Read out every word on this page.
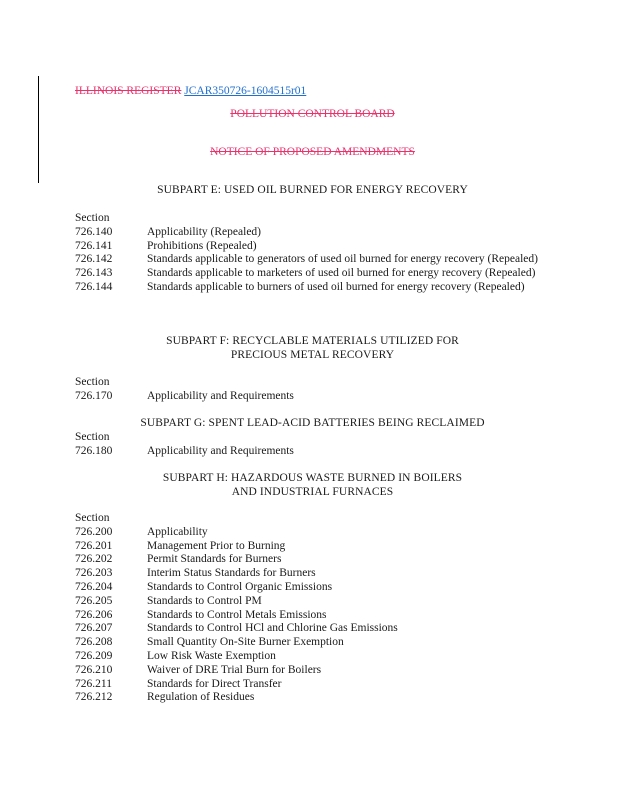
ILLINOIS REGISTER JCAR350726-1604515r01
POLLUTION CONTROL BOARD
NOTICE OF PROPOSED AMENDMENTS
SUBPART E: USED OIL BURNED FOR ENERGY RECOVERY
Section
726.140	Applicability (Repealed)
726.141	Prohibitions (Repealed)
726.142	Standards applicable to generators of used oil burned for energy recovery (Repealed)
726.143	Standards applicable to marketers of used oil burned for energy recovery (Repealed)
726.144	Standards applicable to burners of used oil burned for energy recovery (Repealed)
SUBPART F: RECYCLABLE MATERIALS UTILIZED FOR
PRECIOUS METAL RECOVERY
Section
726.170	Applicability and Requirements
SUBPART G: SPENT LEAD-ACID BATTERIES BEING RECLAIMED
Section
726.180	Applicability and Requirements
SUBPART H: HAZARDOUS WASTE BURNED IN BOILERS
AND INDUSTRIAL FURNACES
Section
726.200	Applicability
726.201	Management Prior to Burning
726.202	Permit Standards for Burners
726.203	Interim Status Standards for Burners
726.204	Standards to Control Organic Emissions
726.205	Standards to Control PM
726.206	Standards to Control Metals Emissions
726.207	Standards to Control HCl and Chlorine Gas Emissions
726.208	Small Quantity On-Site Burner Exemption
726.209	Low Risk Waste Exemption
726.210	Waiver of DRE Trial Burn for Boilers
726.211	Standards for Direct Transfer
726.212	Regulation of Residues
